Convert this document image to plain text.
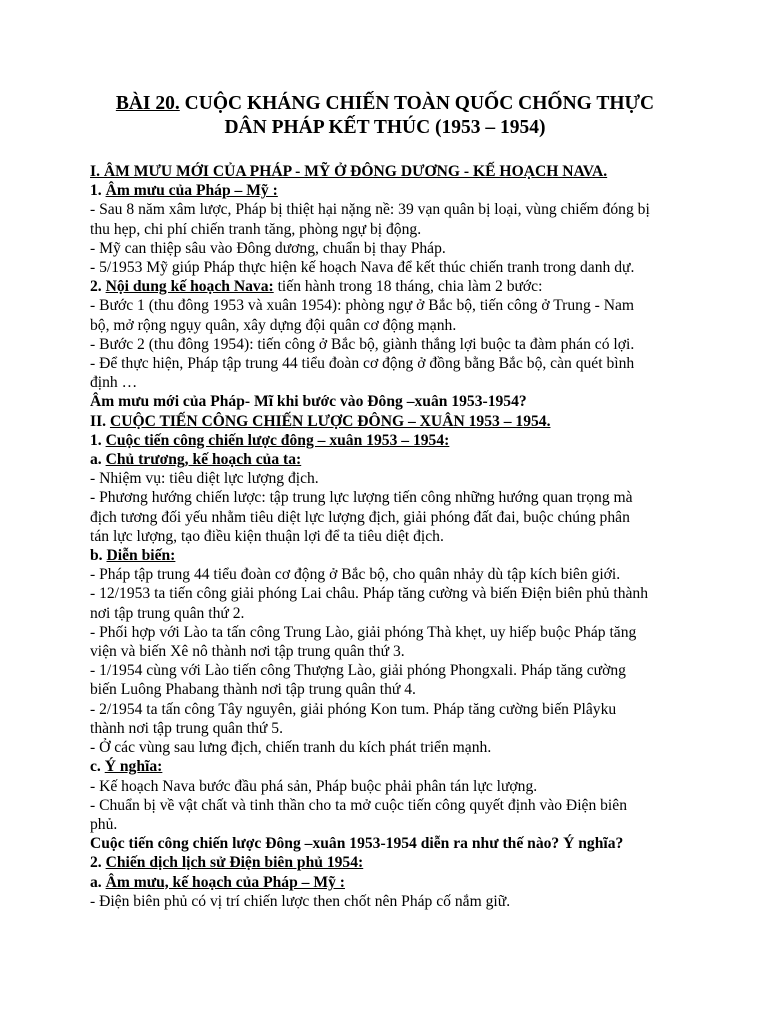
BÀI 20. CUỘC KHÁNG CHIẾN TOÀN QUỐC CHỐNG THỰC
DÂN PHÁP KẾT THÚC (1953 – 1954)
I. ÂM MƯU MỚI CỦA PHÁP - MỸ Ở ĐÔNG DƯƠNG - KẾ HOẠCH NAVA.
1. Âm mưu của Pháp – Mỹ :
- Sau 8 năm xâm lược, Pháp bị thiệt hại nặng nề: 39 vạn quân bị loại, vùng chiếm đóng bị
thu hẹp, chi phí chiến tranh tăng, phòng ngự bị động.
- Mỹ can thiệp sâu vào Đông dương, chuẩn bị thay Pháp.
- 5/1953 Mỹ giúp Pháp thực hiện kế hoạch Nava để kết thúc chiến tranh trong danh dự.
2. Nội dung kế hoạch Nava: tiến hành trong 18 tháng, chia làm 2 bước:
- Bước 1 (thu đông 1953 và xuân 1954): phòng ngự ở Bắc bộ, tiến công ở Trung - Nam
bộ, mở rộng ngụy quân, xây dựng đội quân cơ động mạnh.
- Bước 2 (thu đông 1954): tiến công ở Bắc bộ, giành thắng lợi buộc ta đàm phán có lợi.
- Để thực hiện, Pháp tập trung 44 tiểu đoàn cơ động ở đồng bằng Bắc bộ, càn quét bình
định …
Âm mưu mới của Pháp- Mĩ khi bước vào Đông –xuân 1953-1954?
II. CUỘC TIẾN CÔNG CHIẾN LƯỢC ĐÔNG – XUÂN 1953 – 1954.
1. Cuộc tiến công chiến lược đông – xuân 1953 – 1954:
a. Chủ trương, kế hoạch của ta:
- Nhiệm vụ: tiêu diệt lực lượng địch.
- Phương hướng chiến lược: tập trung lực lượng tiến công những hướng quan trọng mà
địch tương đối yếu nhằm tiêu diệt lực lượng địch, giải phóng đất đai, buộc chúng phân
tán lực lượng, tạo điều kiện thuận lợi để ta tiêu diệt địch.
b. Diễn biến:
- Pháp tập trung 44 tiểu đoàn cơ động ở Bắc bộ, cho quân nhảy dù tập kích biên giới.
- 12/1953 ta tiến công giải phóng Lai châu. Pháp tăng cường và biến Điện biên phủ thành
nơi tập trung quân thứ 2.
- Phối hợp với Lào ta tấn công Trung Lào, giải phóng Thà khẹt, uy hiếp buộc Pháp tăng
viện và biến Xê nô thành nơi tập trung quân thứ 3.
- 1/1954 cùng với Lào tiến công Thượng Lào, giải phóng Phongxali. Pháp tăng cường
biến Luông Phabang thành nơi tập trung quân thứ 4.
- 2/1954 ta tấn công Tây nguyên, giải phóng Kon tum. Pháp tăng cường biến Plâyku
thành nơi tập trung quân thứ 5.
- Ở các vùng sau lưng địch, chiến tranh du kích phát triển mạnh.
c. Ý nghĩa:
- Kế hoạch Nava bước đầu phá sản, Pháp buộc phải phân tán lực lượng.
- Chuẩn bị về vật chất và tinh thần cho ta mở cuộc tiến công quyết định vào Điện biên
phủ.
Cuộc tiến công chiến lược Đông –xuân 1953-1954 diễn ra như thế nào? Ý nghĩa?
2. Chiến dịch lịch sử Điện biên phủ 1954:
a. Âm mưu, kế hoạch của Pháp – Mỹ :
- Điện biên phủ có vị trí chiến lược then chốt nên Pháp cố nắm giữ.
